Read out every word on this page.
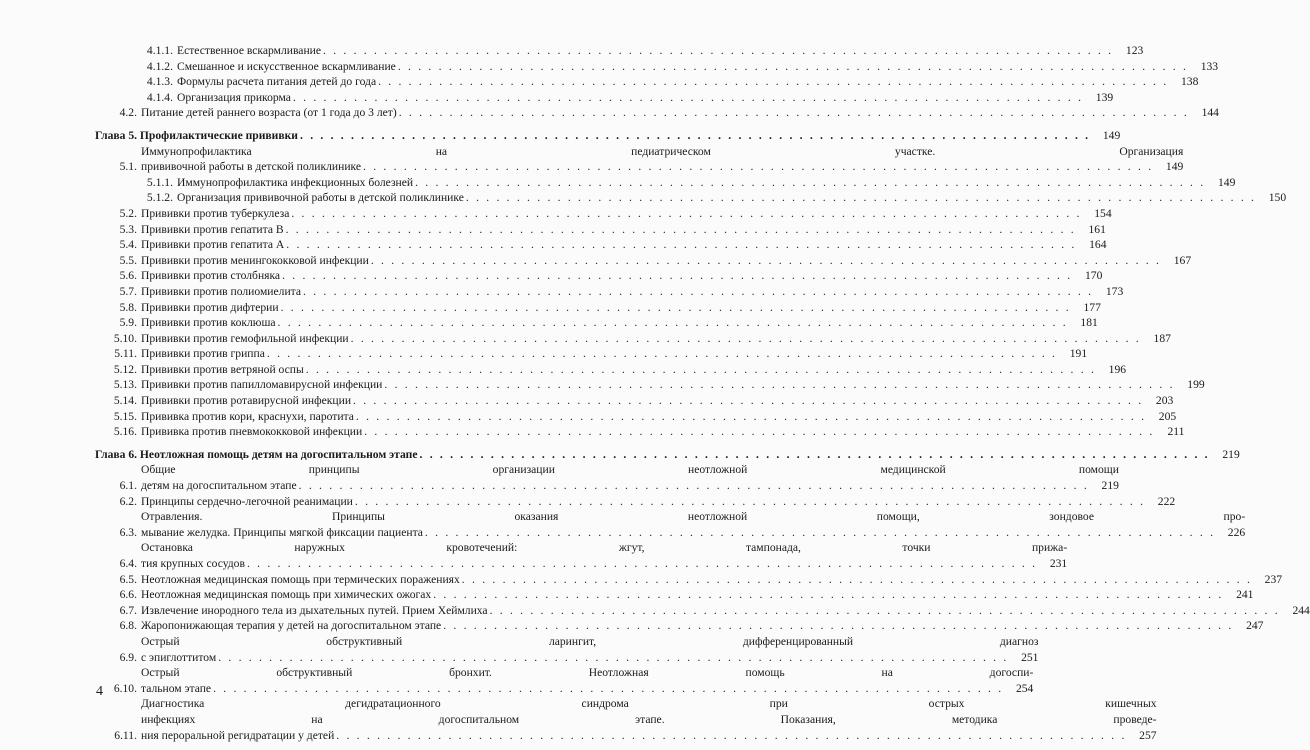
4.1.1. Естественное вскармливание . . .	123
4.1.2. Смешанное и искусственное вскармливание . . .	133
4.1.3. Формулы расчета питания детей до года . . .	138
4.1.4. Организация прикорма . . .	139
4.2. Питание детей раннего возраста (от 1 года до 3 лет) . . .	144
Глава 5. Профилактические прививки . . .	149
5.1.
Иммунопрофилактика на педиатрическом участке. Организация
прививочной работы в детской поликлинике . . .	149
5.1.1. Иммунопрофилактика инфекционных болезней . . .	149
5.1.2. Организация прививочной работы в детской поликлинике . . .	150
5.2. Прививки против туберкулеза . . .	154
5.3. Прививки против гепатита В . . .	161
5.4. Прививки против гепатита А . . .	164
5.5. Прививки против менингококковой инфекции . . .	167
5.6. Прививки против столбняка . . .	170
5.7. Прививки против полиомиелита . . .	173
5.8. Прививки против дифтерии . . .	177
5.9. Прививки против коклюша . . .	181
5.10. Прививки против гемофильной инфекции . . .	187
5.11. Прививки против гриппа . . .	191
5.12. Прививки против ветряной оспы . . .	196
5.13. Прививки против папилломавирусной инфекции . . .	199
5.14. Прививки против ротавирусной инфекции . . .	203
5.15. Прививка против кори, краснухи, паротита . . .	205
5.16. Прививка против пневмококковой инфекции . . .	211
Глава 6. Неотложная помощь детям на догоспитальном этапе . . .	219
6.1.
Общие принципы организации неотложной медицинской помощи
детям на догоспитальном этапе . . .	219
6.2. Принципы сердечно-легочной реанимации . . .	222
6.3.
Отравления. Принципы оказания неотложной помощи, зондовое про-
мывание желудка. Принципы мягкой фиксации пациента . . .	226
6.4.
Остановка наружных кровотечений: жгут, тампонада, точки прижа-
тия крупных сосудов . . .	231
6.5. Неотложная медицинская помощь при термических поражениях . . .	237
6.6. Неотложная медицинская помощь при химических ожогах . . .	241
6.7. Извлечение инородного тела из дыхательных путей. Прием Хеймлиха . . .	244
6.8. Жаропонижающая терапия у детей на догоспитальном этапе . . .	247
6.9.
Острый обструктивный ларингит, дифференцированный диагноз
с эпиглоттитом . . .	251
6.10.
Острый обструктивный бронхит. Неотложная помощь на догоспи-
тальном этапе . . .	254
6.11.
Диагностика дегидратационного синдрома при острых кишечных
инфекциях на догоспитальном этапе. Показания, методика проведе-
ния пероральной регидратации у детей . . .	257
4
